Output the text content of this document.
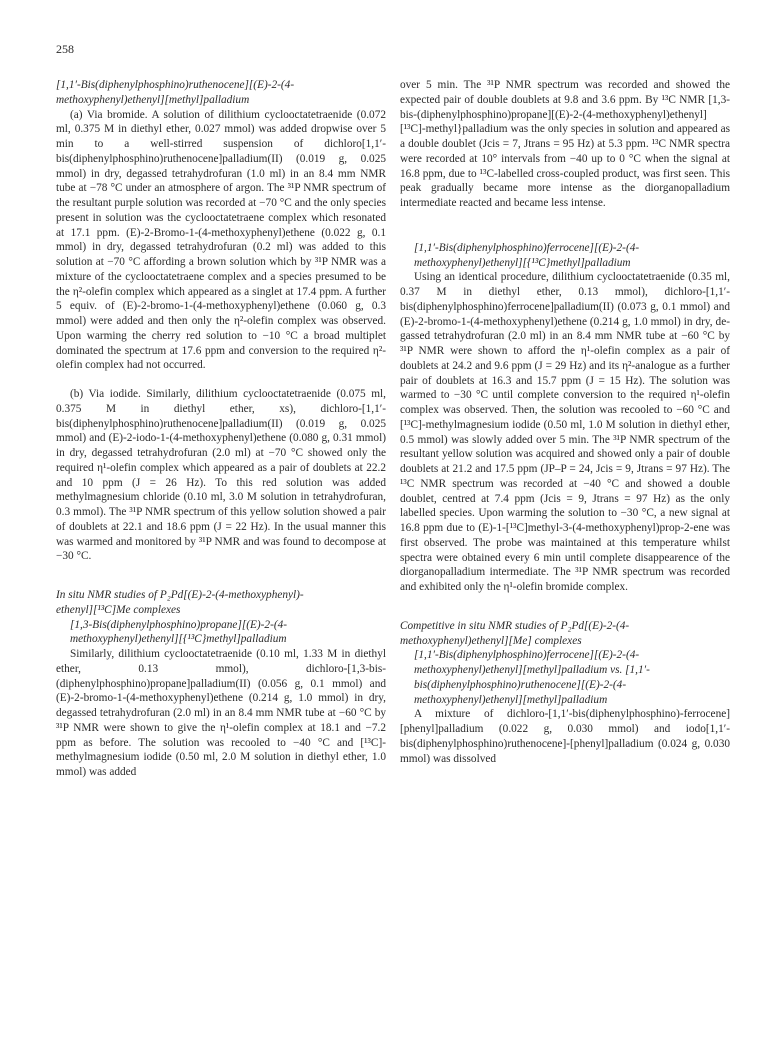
258

[1,1′-Bis(diphenylphosphino)ruthenocene][(E)-2-(4-
methoxyphenyl)ethenyl][methyl]palladium

(a) Via bromide. A solution of dilithium cyclooctatetraenide (0.072 ml, 0.375 M in diethyl ether, 0.027 mmol) was added dropwise over 5 min to a well-stirred suspension of dichloro[1,1′-bis(diphenylphosphino)ruthenocene]palladium(II) (0.019 g, 0.025 mmol) in dry, degassed tetrahydrofuran (1.0 ml) in an 8.4 mm NMR tube at −78 °C under an atmosphere of argon. The ³¹P NMR spectrum of the resultant purple solution was recorded at −70 °C and the only species present in solution was the cyclooctatetraene complex which resonated at 17.1 ppm. (E)-2-Bromo-1-(4-methoxyphenyl)ethene (0.022 g, 0.1 mmol) in dry, degassed tetrahydrofuran (0.2 ml) was added to this solution at −70 °C affording a brown solution which by ³¹P NMR was a mixture of the cyclooctatetraene complex and a species presumed to be the η²-olefin complex which appeared as a singlet at 17.4 ppm. A further 5 equiv. of (E)-2-bromo-1-(4-methoxyphenyl)ethene (0.060 g, 0.3 mmol) were added and then only the η²-olefin complex was observed. Upon warming the cherry red solution to −10 °C a broad multiplet dominated the spectrum at 17.6 ppm and conversion to the required η²-olefin complex had not occurred.

(b) Via iodide. Similarly, dilithium cyclooctatetraenide (0.075 ml, 0.375 M in diethyl ether, xs), dichloro-[1,1′-bis(diphenylphosphino)ruthenocene]palladium(II) (0.019 g, 0.025 mmol) and (E)-2-iodo-1-(4-methoxyphenyl)ethene (0.080 g, 0.31 mmol) in dry, degassed tetrahydrofuran (2.0 ml) at −70 °C showed only the required η¹-olefin complex which appeared as a pair of doublets at 22.2 and 10 ppm (J = 26 Hz). To this red solution was added methylmagnesium chloride (0.10 ml, 3.0 M solution in tetrahydrofuran, 0.3 mmol). The ³¹P NMR spectrum of this yellow solution showed a pair of doublets at 22.1 and 18.6 ppm (J = 22 Hz). In the usual manner this was warmed and monitored by ³¹P NMR and was found to decompose at −30 °C.

In situ NMR studies of P₂Pd[(E)-2-(4-methoxyphenyl)-
ethenyl][¹³C]Me complexes

[1,3-Bis(diphenylphosphino)propane][(E)-2-(4-
methoxyphenyl)ethenyl][{¹³C}methyl]palladium

Similarly, dilithium cyclooctatetraenide (0.10 ml, 1.33 M in diethyl ether, 0.13 mmol), dichloro-[1,3-bis-(diphenylphosphino)propane]palladium(II) (0.056 g, 0.1 mmol) and (E)-2-bromo-1-(4-methoxyphenyl)ethene (0.214 g, 1.0 mmol) in dry, degassed tetrahydrofuran (2.0 ml) in an 8.4 mm NMR tube at −60 °C by ³¹P NMR were shown to give the η¹-olefin complex at 18.1 and −7.2 ppm as before. The solution was recooled to −40 °C and [¹³C]-methylmagnesium iodide (0.50 ml, 2.0 M solution in diethyl ether, 1.0 mmol) was added

over 5 min. The ³¹P NMR spectrum was recorded and showed the expected pair of double doublets at 9.8 and 3.6 ppm. By ¹³C NMR [1,3-bis-(diphenylphosphino)propane][(E)-2-(4-methoxyphenyl)ethenyl][¹³C]-methyl}palladium was the only species in solution and appeared as a double doublet (Jcis = 7, Jtrans = 95 Hz) at 5.3 ppm. ¹³C NMR spectra were recorded at 10° intervals from −40 up to 0 °C when the signal at 16.8 ppm, due to ¹³C-labelled cross-coupled product, was first seen. This peak gradually became more intense as the diorganopalladium intermediate reacted and became less intense.

[1,1′-Bis(diphenylphosphino)ferrocene][(E)-2-(4-
methoxyphenyl)ethenyl][{¹³C}methyl]palladium

Using an identical procedure, dilithium cyclooctatetraenide (0.35 ml, 0.37 M in diethyl ether, 0.13 mmol), dichloro-[1,1′-bis(diphenylphosphino)ferrocene]palladium(II) (0.073 g, 0.1 mmol) and (E)-2-bromo-1-(4-methoxyphenyl)ethene (0.214 g, 1.0 mmol) in dry, degassed tetrahydrofuran (2.0 ml) in an 8.4 mm NMR tube at −60 °C by ³¹P NMR were shown to afford the η¹-olefin complex as a pair of doublets at 24.2 and 9.6 ppm (J = 29 Hz) and its η²-analogue as a further pair of doublets at 16.3 and 15.7 ppm (J = 15 Hz). The solution was warmed to −30 °C until complete conversion to the required η¹-olefin complex was observed. Then, the solution was recooled to −60 °C and [¹³C]-methylmagnesium iodide (0.50 ml, 1.0 M solution in diethyl ether, 0.5 mmol) was slowly added over 5 min. The ³¹P NMR spectrum of the resultant yellow solution was acquired and showed only a pair of double doublets at 21.2 and 17.5 ppm (JP–P = 24, Jcis = 9, Jtrans = 97 Hz). The ¹³C NMR spectrum was recorded at −40 °C and showed a double doublet, centred at 7.4 ppm (Jcis = 9, Jtrans = 97 Hz) as the only labelled species. Upon warming the solution to −30 °C, a new signal at 16.8 ppm due to (E)-1-[¹³C]methyl-3-(4-methoxyphenyl)prop-2-ene was first observed. The probe was maintained at this temperature whilst spectra were obtained every 6 min until complete disappearence of the diorganopalladium intermediate. The ³¹P NMR spectrum was recorded and exhibited only the η¹-olefin bromide complex.

Competitive in situ NMR studies of P₂Pd[(E)-2-(4-
methoxyphenyl)ethenyl][Me] complexes
[1,1′-Bis(diphenylphosphino)ferrocene][(E)-2-(4-
methoxyphenyl)ethenyl][methyl]palladium vs. [1,1′-
bis(diphenylphosphino)ruthenocene][(E)-2-(4-
methoxyphenyl)ethenyl][methyl]palladium

A mixture of dichloro-[1,1′-bis(diphenylphosphino)-ferrocene][phenyl]palladium (0.022 g, 0.030 mmol) and iodo[1,1′-bis(diphenylphosphino)ruthenocene]-[phenyl]palladium (0.024 g, 0.030 mmol) was dissolved
